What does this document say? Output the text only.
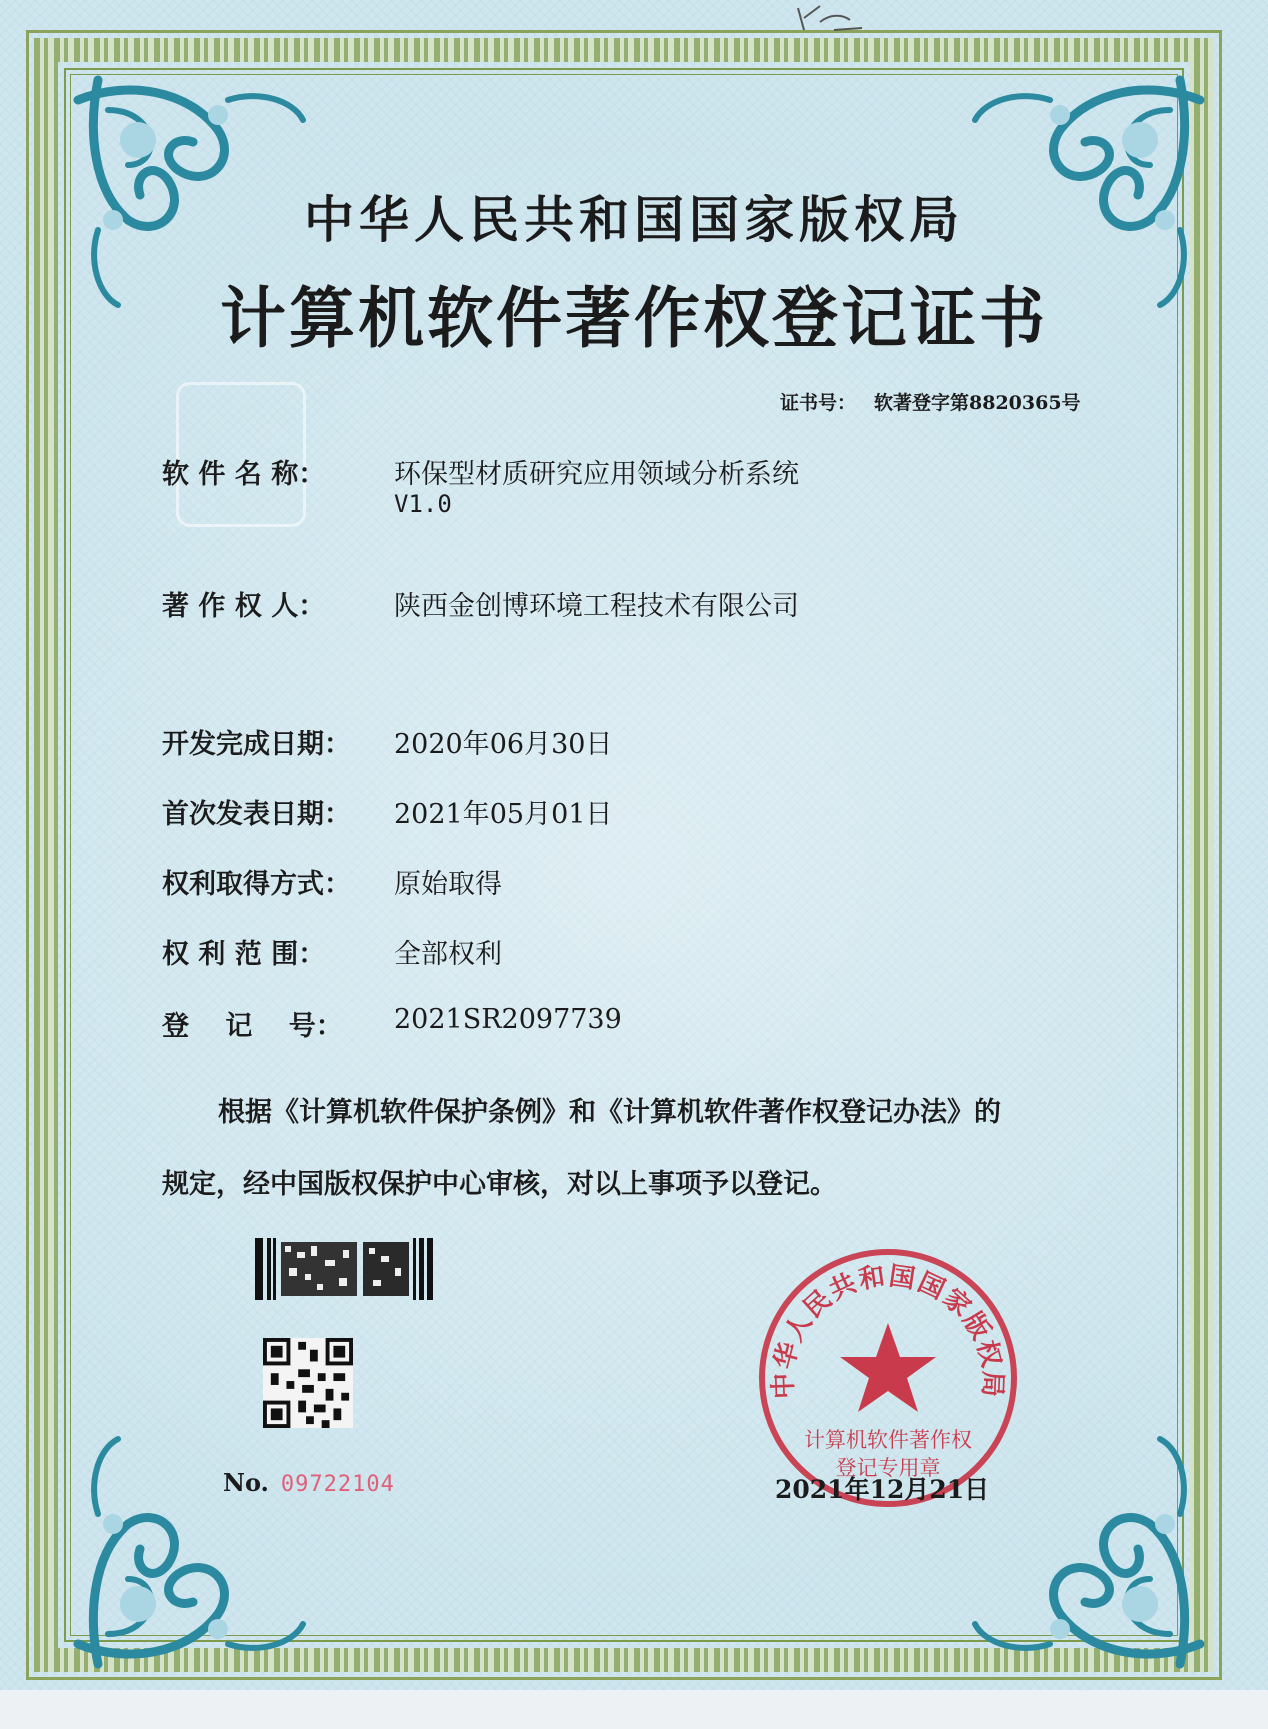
中华人民共和国国家版权局
计算机软件著作权登记证书
证书号： 软著登字第8820365号
软 件 名 称：	环保型材质研究应用领域分析系统
V1.0
著 作 权 人：	陕西金创博环境工程技术有限公司
开发完成日期： 2020年06月30日
首次发表日期： 2021年05月01日
权利取得方式： 原始取得
权 利 范 围：	全部权利
登　 记　 号： 2021SR2097739
根据《计算机软件保护条例》和《计算机软件著作权登记办法》的
规定，经中国版权保护中心审核，对以上事项予以登记。
No. 09722104
中华人民共和国国家版权局
计算机软件著作权
登记专用章
2021年12月21日
